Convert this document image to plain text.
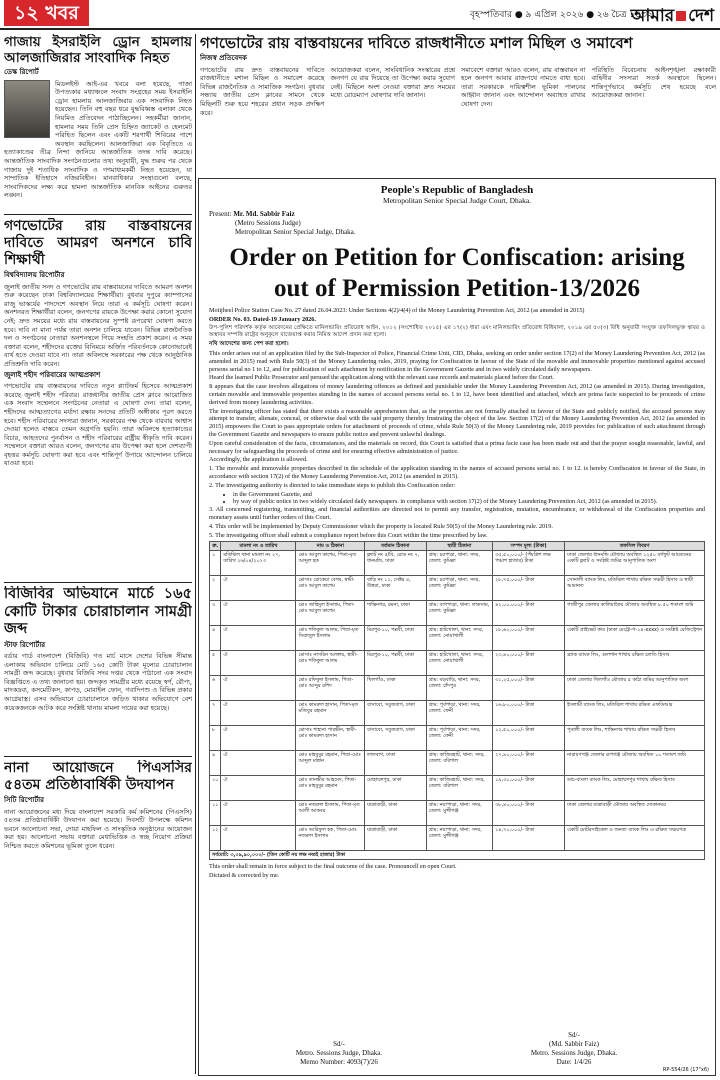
১২ খবর	বৃহস্পতিবার ● ৯ এপ্রিল ২০২৬ ● ২৬ চৈত্র ১৪৩২
আমার দেশ
গাজায় ইসরাইলি ড্রোন হামলায় আলজাজিরার সাংবাদিক নিহত
ডেস্ক রিপোর্ট
মিডলইস্ট আই-এর খবরে বলা হয়েছে, গাজা উপত্যকার মধ্যাঞ্চলে সংবাদ সংগ্রহের সময় ইসরাইলি ড্রোন হামলায় আলজাজিরার এক সাংবাদিক নিহত হয়েছেন। তিনি বহু বছর ধরে যুদ্ধবিধ্বস্ত এলাকা থেকে নিয়মিত প্রতিবেদন পাঠাচ্ছিলেন। সহকর্মীরা জানান, হামলার সময় তিনি প্রেস চিহ্নিত জ্যাকেট ও হেলমেট পরিহিত ছিলেন এবং একটি শরণার্থী শিবিরের পাশে অবস্থান করছিলেন। আলজাজিরা এক বিবৃতিতে এ হত্যাকাণ্ডের তীব্র নিন্দা জানিয়ে আন্তর্জাতিক তদন্ত দাবি করেছে। আন্তর্জাতিক সাংবাদিক সংগঠনগুলোর তথ্য অনুযায়ী, যুদ্ধ শুরুর পর থেকে গাজায় দুই শতাধিক সাংবাদিক ও গণমাধ্যমকর্মী নিহত হয়েছেন, যা সাম্প্রতিক ইতিহাসে নজিরবিহীন। মানবাধিকার সংস্থাগুলো বলছে, সাংবাদিকদের লক্ষ্য করে হামলা আন্তর্জাতিক মানবিক আইনের গুরুতর লঙ্ঘন।
গণভোটের রায় বাস্তবায়নের দাবিতে আমরণ অনশনে চাবি শিক্ষার্থী
বিশ্ববিদ্যালয় রিপোর্টার
জুলাই জাতীয় সনদ ও গণভোটের রায় বাস্তবায়নের দাবিতে আমরণ অনশন শুরু করেছেন ঢাকা বিশ্ববিদ্যালয়ের শিক্ষার্থীরা। বুধবার দুপুরে ক্যাম্পাসের রাজু ভাস্কর্যের পাদদেশে অবস্থান নিয়ে তারা এ কর্মসূচি ঘোষণা করেন। অনশনরত শিক্ষার্থীরা বলেন, জনগণের রায়কে উপেক্ষা করার কোনো সুযোগ নেই; দ্রুত সময়ের মধ্যে রায় বাস্তবায়নের সুস্পষ্ট রূপরেখা ঘোষণা করতে হবে। দাবি না মানা পর্যন্ত তারা অনশন চালিয়ে যাবেন। বিভিন্ন রাজনৈতিক দল ও সংগঠনের নেতারা অনশনস্থলে গিয়ে সংহতি প্রকাশ করেন। এ সময় বক্তারা বলেন, শহীদদের রক্তের বিনিময়ে অর্জিত পরিবর্তনকে কোনোভাবেই ব্যর্থ হতে দেওয়া যাবে না। তারা অবিলম্বে সরকারের পক্ষ থেকে আনুষ্ঠানিক প্রতিশ্রুতি দাবি করেন।
জুলাই শহীদ পরিবারের আত্মপ্রকাশ
গণভোটের রায় বাস্তবায়নের দাবিতে নতুন প্ল্যাটফর্ম হিসেবে আত্মপ্রকাশ করেছে জুলাই শহীদ পরিবার। রাজধানীর জাতীয় প্রেস ক্লাবে আয়োজিত এক সংবাদ সম্মেলনে সংগঠনের নেতারা এ ঘোষণা দেন। তারা বলেন, শহীদদের আত্মত্যাগের মর্যাদা রক্ষায় সনদের প্রতিটি অঙ্গীকার পূরণ করতে হবে। শহীদ পরিবারের সদস্যরা জানান, সরকারের পক্ষ থেকে বারবার আশ্বাস দেওয়া হলেও বাস্তবে তেমন অগ্রগতি হয়নি। তারা অবিলম্বে হত্যাকাণ্ডের বিচার, আহতদের পুনর্বাসন ও শহীদ পরিবারের রাষ্ট্রীয় স্বীকৃতি দাবি করেন। সম্মেলনে বক্তারা আরও বলেন, জনগণের রায় উপেক্ষা করা হলে দেশব্যাপী বৃহত্তর কর্মসূচি ঘোষণা করা হবে এবং শান্তিপূর্ণ উপায়ে আন্দোলন চালিয়ে যাওয়া হবে।
বিজিবির অভিযানে মার্চে ১৬৫ কোটি টাকার চোরাচালান সামগ্রী জব্দ
স্টাফ রিপোর্টার
বর্ডার গার্ড বাংলাদেশ (বিজিবি) গত মার্চ মাসে দেশের বিভিন্ন সীমান্ত এলাকায় অভিযান চালিয়ে মোট ১৬৫ কোটি টাকা মূল্যের চোরাচালান সামগ্রী জব্দ করেছে। বুধবার বিজিবি সদর দপ্তর থেকে পাঠানো এক সংবাদ বিজ্ঞপ্তিতে এ তথ্য জানানো হয়। জব্দকৃত সামগ্রীর মধ্যে রয়েছে স্বর্ণ, রৌপ্য, মাদকদ্রব্য, কসমেটিকস, কাপড়, মোবাইল ফোন, গবাদিপশু ও বিভিন্ন প্রকার আগ্নেয়াস্ত্র। এসব অভিযানে চোরাচালানে জড়িত থাকার অভিযোগে বেশ কয়েকজনকে আটক করে সংশ্লিষ্ট থানায় মামলা দায়ের করা হয়েছে।
নানা আয়োজনে পিএসসির ৫৪তম প্রতিষ্ঠাবার্ষিকী উদযাপন
সিটি রিপোর্টার
নানা আয়োজনের মধ্য দিয়ে বাংলাদেশ সরকারি কর্ম কমিশনের (পিএসসি) ৫৪তম প্রতিষ্ঠাবার্ষিকী উদযাপন করা হয়েছে। দিবসটি উপলক্ষে কমিশন ভবনে আলোচনা সভা, দোয়া মাহফিল ও সাংস্কৃতিক অনুষ্ঠানের আয়োজন করা হয়। আলোচনা সভায় বক্তারা মেধাভিত্তিক ও স্বচ্ছ নিয়োগ প্রক্রিয়া নিশ্চিত করতে কমিশনের ভূমিকা তুলে ধরেন।
গণভোটের রায় বাস্তবায়নের দাবিতে রাজধানীতে মশাল মিছিল ও সমাবেশ
নিজস্ব প্রতিবেদক
গণভোটের রায় দ্রুত বাস্তবায়নের দাবিতে রাজধানীতে মশাল মিছিল ও সমাবেশ করেছে বিভিন্ন রাজনৈতিক ও সামাজিক সংগঠন। বুধবার সন্ধ্যায় জাতীয় প্রেস ক্লাবের সামনে থেকে মিছিলটি শুরু হয়ে শহরের প্রধান সড়ক প্রদক্ষিণ করে।
আয়োজকরা বলেন, সাংবিধানিক সংস্কারের প্রশ্নে জনগণ যে রায় দিয়েছে তা উপেক্ষা করার সুযোগ নেই। মিছিলে অংশ নেওয়া বক্তারা দ্রুত সময়ের মধ্যে রোডম্যাপ ঘোষণার দাবি জানান।
সমাবেশে বক্তারা আরও বলেন, রায় বাস্তবায়ন না হলে জনগণ আবার রাজপথে নামতে বাধ্য হবে। তারা সরকারকে দায়িত্বশীল ভূমিকা পালনের আহ্বান জানান এবং আন্দোলন অব্যাহত রাখার ঘোষণা দেন।
পরিস্থিতি বিবেচনায় আইনশৃঙ্খলা রক্ষাকারী বাহিনীর সদস্যরা সতর্ক অবস্থানে ছিলেন। শান্তিপূর্ণভাবে কর্মসূচি শেষ হয়েছে বলে আয়োজকরা জানান।
People's Republic of Bangladesh
Metropolitan Senior Special Judge Court, Dhaka.
Present: Mr. Md. Sabbir Faiz
(Metro Sessions Judge)
Metropolitan Senior Special Judge, Dhaka.
Order on Petition for Confiscation: arising out of Permission Petition-13/2026

Motijheel Police Station Case No. 27 dated 26.04.2023: Under Sections 4(2)/4(4) of the Money Laundering Prevention Act, 2012 (as amended in 2015)

ORDER No. 03. Dated-19 January 2026.

উপ-পুলিশ পরিদর্শক কর্তৃক আবেদনের প্রেক্ষিতে মানিলন্ডারিং প্রতিরোধ আইন, ২০১২ (সংশোধিত ২০১৫) এর ১৭(২) ধারা এবং মানিলন্ডারিং প্রতিরোধ বিধিমালা, ২০১৯ এর ৫০(৩) বিধি অনুযায়ী সংযুক্ত তফসিলভুক্ত স্থাবর ও অস্থাবর সম্পত্তি রাষ্ট্রের অনুকূলে বাজেয়াপ্ত করার নিমিত্ত আদেশ প্রদান করা হলো।

নথি আদেশের জন্য পেশ করা হলো।

This order arises out of an application filed by the Sub-Inspector of Police, Financial Crime Unit, CID, Dhaka, seeking an order under section 17(2) of the Money Laundering Prevention Act, 2012 (as amended in 2015) read with Rule 50(3) of the Money Laundering rules, 2019, praying for Confiscation in favour of the State of the movable and immovable properties mentioned against accused persons serial no 1 to 12, and for publication of such attachment by notification in the Government Gazette and in two widely circulated daily newspapers.

Heard the learned Public Prosecutor and perused the application along with the relevant case records and materials placed before the Court.

It appears that the case involves allegations of money laundering offences as defined and punishable under the Money Laundering Prevention Act, 2012 (as amended in 2015). During investigation, certain movable and immovable properties standing in the names of accused persons serial no. 1 to 12, have been identified and attached, which are prima facie suspected to be proceeds of crime derived from money laundering activities.

The investigating officer has stated that there exists a reasonable apprehension that, as the properties are not formally attached in favour of the State and publicly notified, the accused persons may attempt to transfer, alienate, conceal, or otherwise deal with the said property thereby frustrating the object of the law. Section 17(2) of the Money Laundering Prevention Act, 2012 (as amended in 2015) empowers the Court to pass appropriate orders for attachment of proceeds of crime, while Rule 50(3) of the Money Laundering rule, 2019 provides for: publication of such attachment through the Government Gazette and newspapers to ensure public notice and prevent unlawful dealings.

Upon careful consideration of the facts, circumstances, and the materials on record, this Court is satisfied that a prima facie case has been made out and that the prayer sought reasonable, lawful, and necessary for safeguarding the proceeds of crime and for ensuring effective administration of justice.

Accordingly, the application is allowed.

1. The movable and immovable properties described in the schedule of the application standing in the names of accused persons serial no. 1 to 12. is hereby Confiscation in favour of the State, in accordance with section 17(2) of the Money Laundering Prevention Act, 2012 (as amended in 2015).

2. The investigating authority is directed to take immediate steps to publish this Confiscation order:

• in the Government Gazette, and
• by way of public notice in two widely circulated daily newspapers. in compliance with section 17(2) of the Money Laundering Prevention Act, 2012 (as amended in 2015).

3. All concerned registering, transmitting, and financial authorities are directed not to permit any transfer, registration, mutation, encumbrance, or withdrawal of the Confiscation properties and monetary assets until further orders of this Court.

4. This order will be implemented by Deputy Commissioner which the property is located Rule 50(5) of the Money Laundering rule. 2019.

5. The investigating officer shall submit a compliance report before this Court within the time prescribed by law.

ক্র.	মামলা নং ও তারিখ	নাম ও ঠিকানা	বর্তমান ঠিকানা	স্থায়ী ঠিকানা	সম্পদ মূল্য (টাকা)	তফসিল বিবরণ
১	মতিঝিল থানা মামলা নং ২৭, তারিখ ২৬/০৪/২০২৩	মোঃ আবুল কাশেম, পিতা-মৃত আব্দুল হক	ফ্ল্যাট নং ৫/বি, রোড নং ৭, ধানমন্ডি, ঢাকা	গ্রাম: চরপাড়া, থানা: সদর, জেলা: কুমিল্লা	৩৫,৫০,০০০/- (পঁয়ত্রিশ লক্ষ পঞ্চাশ হাজার) টাকা	ঢাকা জেলার ধানমন্ডি মৌজায় অবস্থিত ১২৫০ বর্গফুট আয়তনের একটি ফ্ল্যাট ও সংশ্লিষ্ট জমির আনুপাতিক অংশ
২	ঐ	মোসাঃ রোকেয়া বেগম, স্বামী-মোঃ আবুল কাশেম	বাড়ি নং ১২, সেক্টর ৪, উত্তরা, ঢাকা	গ্রাম: চরপাড়া, থানা: সদর, জেলা: কুমিল্লা	২৮,৭৫,০০০/- টাকা	সোনালী ব্যাংক লিঃ, মতিঝিল শাখায় রক্ষিত সঞ্চয়ী হিসাব ও স্থায়ী আমানত
৩	ঐ	মোঃ জাহিদুল ইসলাম, পিতা-মোঃ আবুল কাশেম	শান্তিনগর, রমনা, ঢাকা	গ্রাম: বাগপাড়া, থানা: লাকসাম, জেলা: কুমিল্লা	৪২,০০,০০০/- টাকা	গাজীপুর জেলার কালিয়াকৈর মৌজায় অবস্থিত ৮.৫০ শতাংশ জমি
৪	ঐ	মোঃ শফিকুল আলম, পিতা-মৃত সিরাজুল ইসলাম	মিরপুর-১০, পল্লবী, ঢাকা	গ্রাম: হাটখোলা, থানা: সদর, জেলা: নোয়াখালী	১৮,৬০,০০০/- টাকা	একটি প্রাইভেট কার (ঢাকা মেট্রো-গ-১৪-xxxx) ও সংশ্লিষ্ট রেজিস্ট্রেশন
৫	ঐ	মোসাঃ নাসরিন আক্তার, স্বামী-মোঃ শফিকুল আলম	মিরপুর-১০, পল্লবী, ঢাকা	গ্রাম: হাটখোলা, থানা: সদর, জেলা: নোয়াখালী	২৩,৪০,০০০/- টাকা	ব্র্যাক ব্যাংক লিঃ, গুলশান শাখায় রক্ষিত চলতি হিসাব
৬	ঐ	মোঃ রফিকুল ইসলাম, পিতা-মোঃ আব্দুর রশিদ	খিলগাঁও, ঢাকা	গ্রাম: বড়বাড়ি, থানা: সদর, জেলা: চাঁদপুর	৩১,২৫,০০০/- টাকা	ঢাকা জেলার খিলগাঁও মৌজায় ৫ কাঠা জমির আনুপাতিক অংশ
৭	ঐ	মোঃ কামরুল হাসান, পিতা-মৃত মজিবুর রহমান	বাসাবো, সবুজবাগ, ঢাকা	গ্রাম: পূর্বপাড়া, থানা: সদর, জেলা: ফেনী	১৬,৮০,০০০/- টাকা	ইসলামী ব্যাংক লিঃ, মতিঝিল শাখায় রক্ষিত এফডিআর
৮	ঐ	মোসাঃ শাহানা পারভীন, স্বামী-মোঃ কামরুল হাসান	বাসাবো, সবুজবাগ, ঢাকা	গ্রাম: পূর্বপাড়া, থানা: সদর, জেলা: ফেনী	১২,৫০,০০০/- টাকা	পূবালী ব্যাংক লিঃ, শান্তিনগর শাখায় রক্ষিত সঞ্চয়ী হিসাব
৯	ঐ	মোঃ মাহবুবুর রহমান, পিতা-মোঃ আব্দুল মান্নান	লালবাগ, ঢাকা	গ্রাম: কাজিরহাট, থানা: সদর, জেলা: বরিশাল	২৭,৯০,০০০/- টাকা	নারায়ণগঞ্জ জেলার রূপগঞ্জ মৌজায় অবস্থিত ১০ শতাংশ জমি
১০	ঐ	মোঃ তানভীর আহমেদ, পিতা-মোঃ মাহবুবুর রহমান	মোহাম্মদপুর, ঢাকা	গ্রাম: কাজিরহাট, থানা: সদর, জেলা: বরিশাল	১৯,৩০,০০০/- টাকা	ডাচ-বাংলা ব্যাংক লিঃ, মোহাম্মদপুর শাখায় রক্ষিত হিসাব
১১	ঐ	মোঃ নজরুল ইসলাম, পিতা-মৃত আলী আকবর	যাত্রাবাড়ী, ঢাকা	গ্রাম: নয়াপাড়া, থানা: সদর, জেলা: মুন্সীগঞ্জ	৩৮,৪০,০০০/- টাকা	ঢাকা জেলার যাত্রাবাড়ী মৌজায় অবস্থিত দোকানঘর
১২	ঐ	মোঃ আরিফুল হক, পিতা-মোঃ নজরুল ইসলাম	যাত্রাবাড়ী, ঢাকা	গ্রাম: নয়াপাড়া, থানা: সদর, জেলা: মুন্সীগঞ্জ	১৪,৭০,০০০/- টাকা	একটি মোটরসাইকেল ও জনতা ব্যাংক লিঃ এ রক্ষিত সঞ্চয়পত্র
সর্বমোট: ৩,০৯,৯০,০০০/- (তিন কোটি নয় লক্ষ নব্বই হাজার) টাকা						

This order shall remain in force subject to the final outcome of the case. Pronouncell en open Court.

Dictated & corrected by me.

Sd/-
Metro. Sessions Judge, Dhaka.
Memo Number: 4093(7)/26
Sd/-
(Md. Sabbir Faiz)
Metro. Sessions Judge, Dhaka.
Date: 1/4/26
RP-554/26 (17"x6)
